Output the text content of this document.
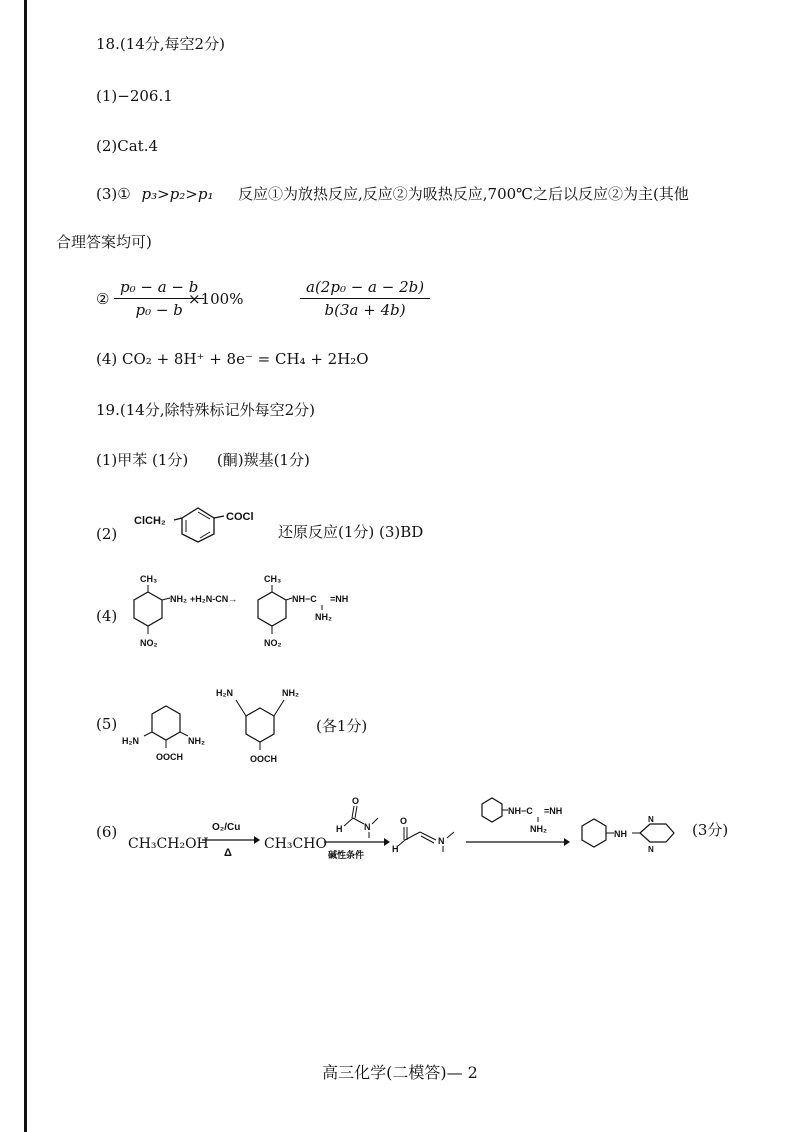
18.(14分,每空2分)
(1)−206.1
(2)Cat.4
(3)① p₃>p₂>p₁ 反应①为放热反应,反应②为吸热反应,700℃之后以反应②为主(其他
合理答案均可)
② $\frac{\text{p₀ − a − b}}{\text{p₀ − b}}$
×100%	$\frac{\text{a(2p₀ − a − 2b)}}{b(3a + 4b)}$
(4) CO₂ + 8H⁺ + 8e⁻ = CH₄ + 2H₂O
19.(14分,除特殊标记外每空2分)
(1)甲苯 (1分)      (酮)羰基(1分)
(2)
ClCH₂	COCl
还原反应(1分) (3)BD
(4)
CH₃
NH₂
NO₂
+H₂N-CN→
CH₃
NH−C =NH
NH₂
NO₂
(5)
H₂N	NH₂
OOCH
H₂N	NH₂
OOCH
(各1分)
(6)
CH₃CH₂OH
O₂/Cu
Δ
CH₃CHO
O
H N
碱性条件
O
H
N
NH−C =NH
NH₂	NH
N
N
(3分)
高三化学(二模答)— 2
